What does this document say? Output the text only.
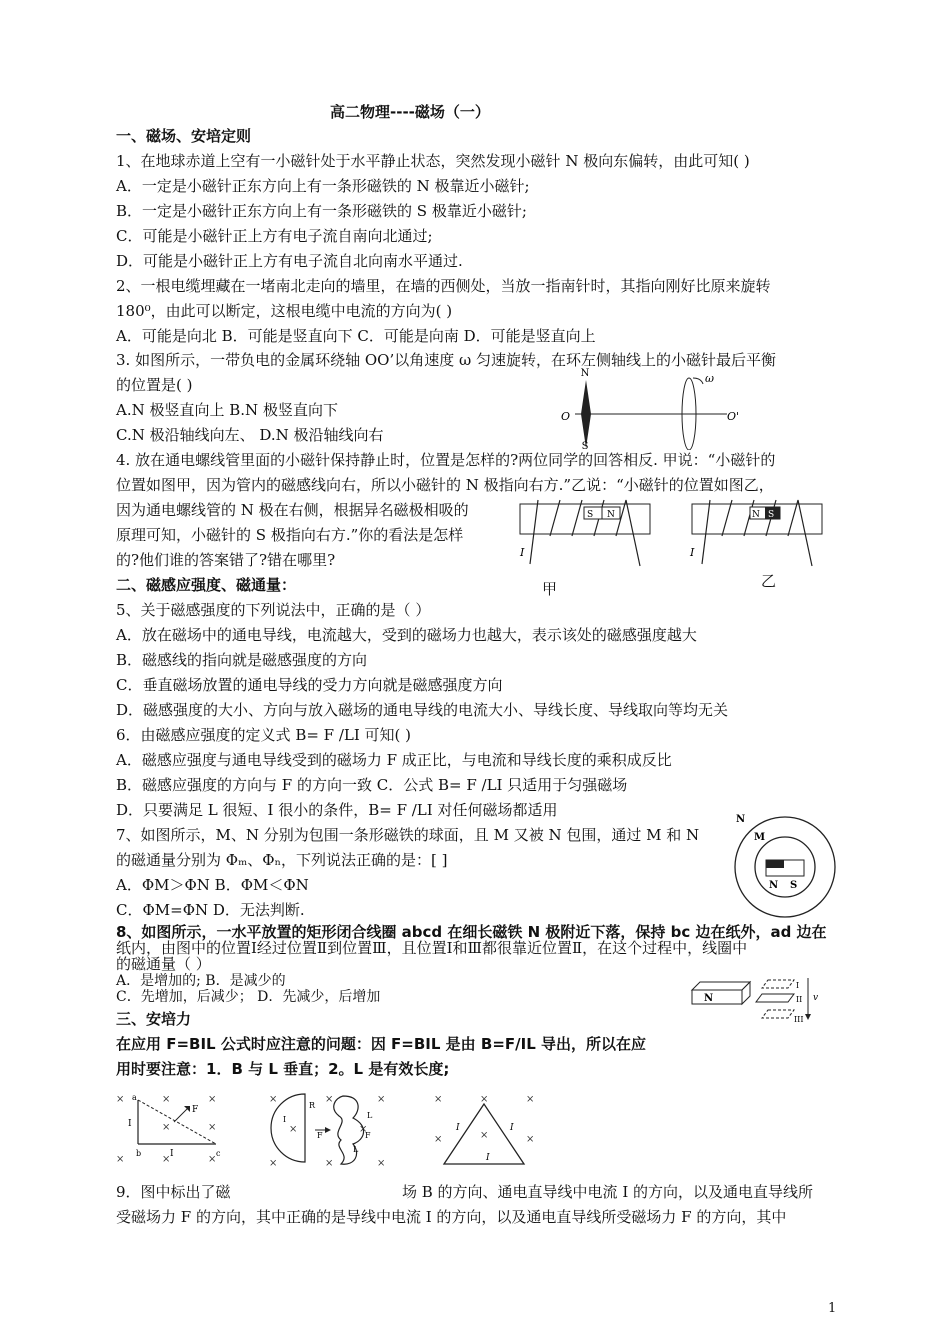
高二物理----磁场（一）
一、磁场、安培定则
1、在地球赤道上空有一小磁针处于水平静止状态，突然发现小磁针 N 极向东偏转，由此可知( )
A．一定是小磁针正东方向上有一条形磁铁的 N 极靠近小磁针;
B．一定是小磁针正东方向上有一条形磁铁的 S 极靠近小磁针;
C．可能是小磁针正上方有电子流自南向北通过;
D．可能是小磁针正上方有电子流自北向南水平通过.
2、一根电缆埋藏在一堵南北走向的墙里，在墙的西侧处，当放一指南针时，其指向刚好比原来旋转
180⁰，由此可以断定，这根电缆中电流的方向为( )
A．可能是向北 B．可能是竖直向下 C．可能是向南 D．可能是竖直向上
3. 如图所示，一带负电的金属环绕轴 OO’以角速度 ω 匀速旋转，在环左侧轴线上的小磁针最后平衡
的位置是( )
A.N 极竖直向上 B.N 极竖直向下
C.N 极沿轴线向左、 D.N 极沿轴线向右
N
S
O	O'
ω
4. 放在通电螺线管里面的小磁针保持静止时，位置是怎样的?两位同学的回答相反. 甲说：“小磁针的
位置如图甲，因为管内的磁感线向右，所以小磁针的 N 极指向右方.”乙说：“小磁针的位置如图乙，
因为通电螺线管的 N 极在右侧，根据异名磁极相吸的
原理可知，小磁针的 S 极指向右方.”你的看法是怎样
的?他们谁的答案错了?错在哪里?
S N
I
甲
N S
I
乙
二、磁感应强度、磁通量：
5、关于磁感强度的下列说法中，正确的是（ ）
A．放在磁场中的通电导线，电流越大，受到的磁场力也越大，表示该处的磁感强度越大
B．磁感线的指向就是磁感强度的方向
C．垂直磁场放置的通电导线的受力方向就是磁感强度方向
D．磁感强度的大小、方向与放入磁场的通电导线的电流大小、导线长度、导线取向等均无关
6．由磁感应强度的定义式 B= F /LI 可知( )
A．磁感应强度与通电导线受到的磁场力 F 成正比，与电流和导线长度的乘积成反比
B．磁感应强度的方向与 F 的方向一致 C．公式 B= F /LI 只适用于匀强磁场
D．只要满足 L 很短、I 很小的条件，B= F /LI 对任何磁场都适用
7、如图所示，M、N 分别为包围一条形磁铁的球面，且 M 又被 N 包围，通过 M 和 N
的磁通量分别为 Φₘ、Φₙ，下列说法正确的是：[ ]
A．ΦM＞ΦN B．ΦM＜ΦN
C．ΦM=ΦN D．无法判断.
N
M
N S
8、如图所示，一水平放置的矩形闭合线圈 abcd 在细长磁铁 N 极附近下落，保持 bc 边在纸外，ad 边在
纸内，由图中的位置Ⅰ经过位置Ⅱ到位置Ⅲ，且位置Ⅰ和Ⅲ都很靠近位置Ⅱ，在这个过程中，线圈中
的磁通量（ ）
A．是增加的; B．是减少的
C．先增加，后减少； D．先减少，后增加	N
I
II
III
v
三、安培力
在应用 F=BIL 公式时应注意的问题：因 F=BIL 是由 B=F/IL 导出，所以在应
用时要注意：1．B 与 L 垂直；2。L 是有效长度;
×	×	×
×	×
×	×	×
a
b	c
I
I
F
×	×	×
×	×
×	×	×
R
I
F
L
L
F
×	×	×
×	×
×
I	I
I
9．图中标出了磁	场 B 的方向、通电直导线中电流 I 的方向，以及通电直导线所
受磁场力 F 的方向，其中正确的是导线中电流 I 的方向，以及通电直导线所受磁场力 F 的方向，其中
1
